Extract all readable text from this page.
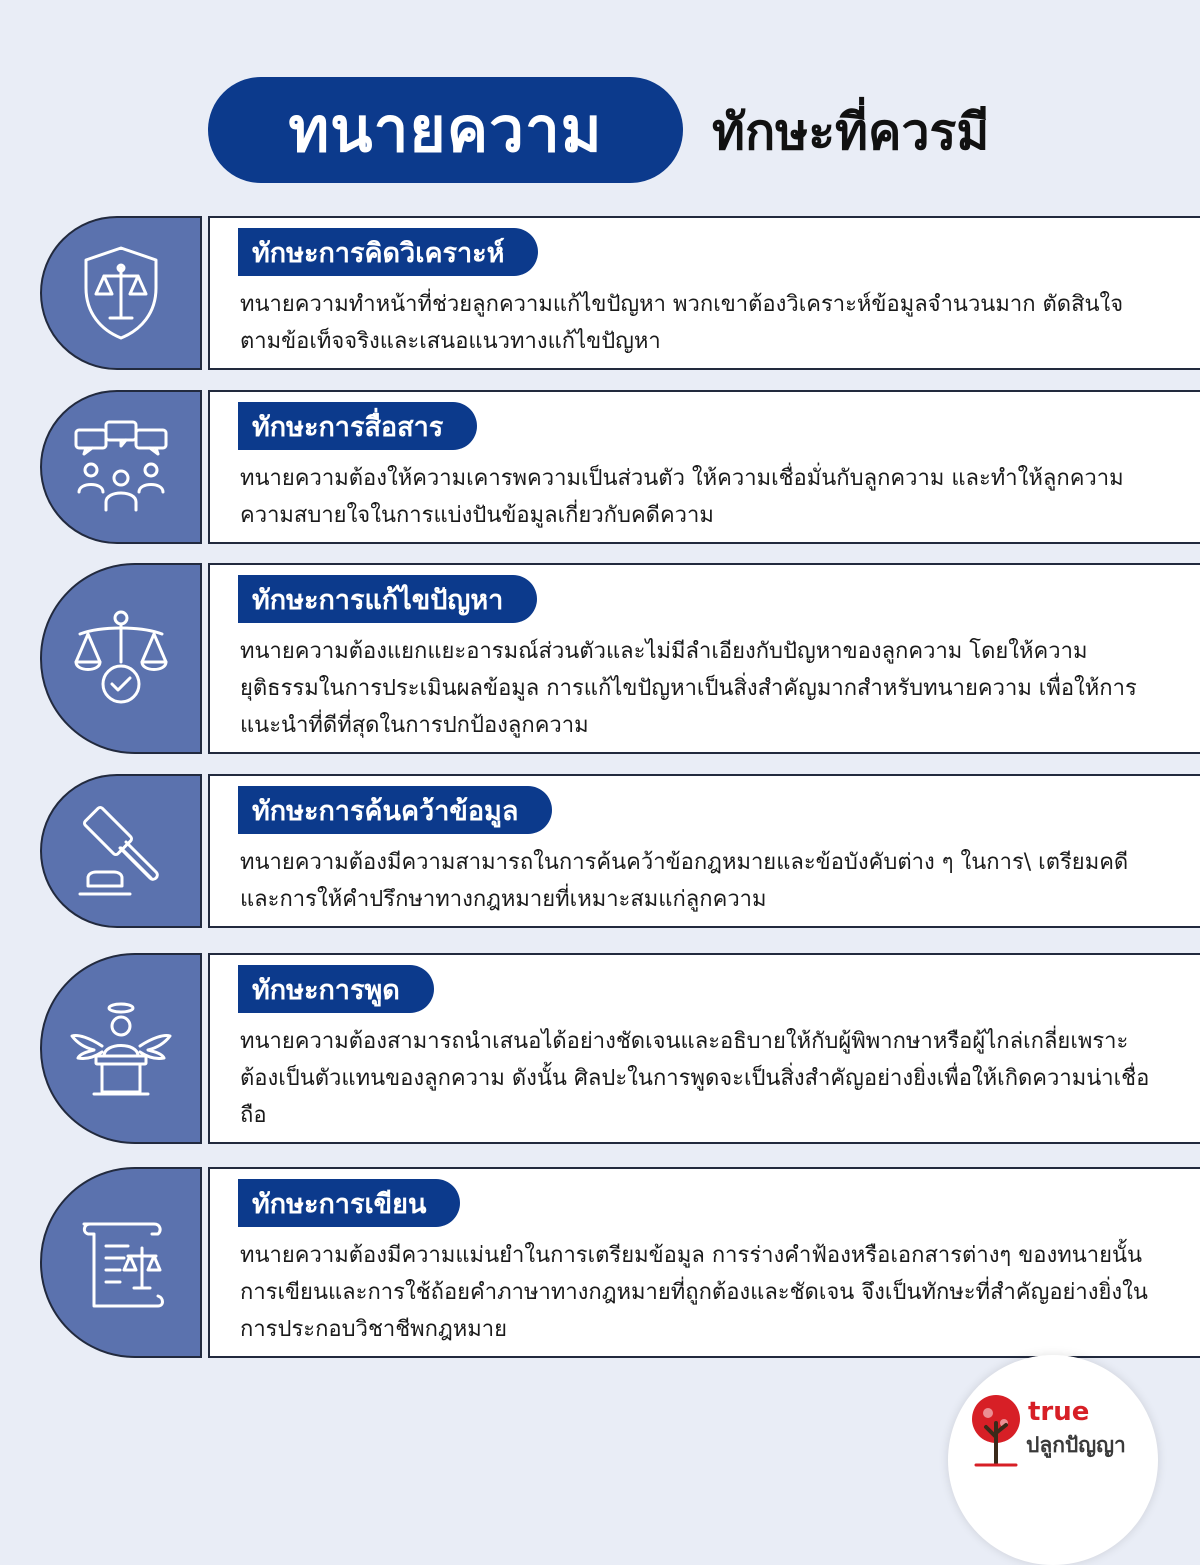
ทนายความ	ทักษะที่ควรมี
ทักษะการคิดวิเคราะห์
ทนายความทำหน้าที่ช่วยลูกความแก้ไขปัญหา พวกเขาต้องวิเคราะห์ข้อมูลจำนวนมาก ตัดสินใจตามข้อเท็จจริงและเสนอแนวทางแก้ไขปัญหา
ทักษะการสื่อสาร
ทนายความต้องให้ความเคารพความเป็นส่วนตัว ให้ความเชื่อมั่นกับลูกความ และทำให้ลูกความความสบายใจในการแบ่งปันข้อมูลเกี่ยวกับคดีความ
ทักษะการแก้ไขปัญหา
ทนายความต้องแยกแยะอารมณ์ส่วนตัวและไม่มีลำเอียงกับปัญหาของลูกความ โดยให้ความยุติธรรมในการประเมินผลข้อมูล การแก้ไขปัญหาเป็นสิ่งสำคัญมากสำหรับทนายความ เพื่อให้การแนะนำที่ดีที่สุดในการปกป้องลูกความ
ทักษะการค้นคว้าข้อมูล
ทนายความต้องมีความสามารถในการค้นคว้าข้อกฎหมายและข้อบังคับต่าง ๆ ในการ\ เตรียมคดี และการให้คำปรึกษาทางกฎหมายที่เหมาะสมแก่ลูกความ
ทักษะการพูด
ทนายความต้องสามารถนำเสนอได้อย่างชัดเจนและอธิบายให้กับผู้พิพากษาหรือผู้ไกล่เกลี่ยเพราะต้องเป็นตัวแทนของลูกความ ดังนั้น ศิลปะในการพูดจะเป็นสิ่งสำคัญอย่างยิ่งเพื่อให้เกิดความน่าเชื่อถือ
ทักษะการเขียน
ทนายความต้องมีความแม่นยำในการเตรียมข้อมูล การร่างคำฟ้องหรือเอกสารต่างๆ ของทนายนั้น การเขียนและการใช้ถ้อยคำภาษาทางกฎหมายที่ถูกต้องและชัดเจน จึงเป็นทักษะที่สำคัญอย่างยิ่งในการประกอบวิชาชีพกฎหมาย
true
ปลูกปัญญา
